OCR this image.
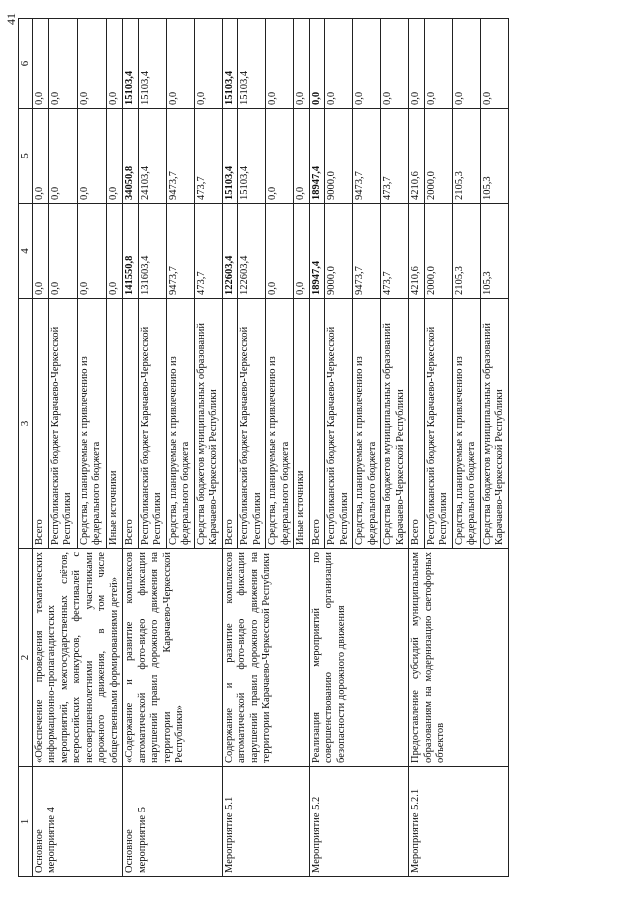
41
1	2	3	4	5	6
Основное мероприятие 4	«Обеспечение проведения тематических информационно-пропагандистских мероприятий, межгосударственных слётов, всероссийских конкурсов, фестивалей с несовершеннолетними участниками дорожного движения, в том числе общественными формированиями детей»	Всего	0,0	0,0	0,0
		Республиканский бюджет Карачаево-Черкесской Республики	0,0	0,0	0,0
		Средства, планируемые к привлечению из федерального бюджета	0,0	0,0	0,0
		Иные источники	0,0	0,0	0,0
Основное мероприятие 5	«Содержание и развитие комплексов автоматической фото-видео фиксации нарушений правил дорожного движения на территории Карачаево-Черкесской Республики»	Всего	141550,8	34050,8	15103,4
		Республиканский бюджет Карачаево-Черкесской Республики	131603,4	24103,4	15103,4
		Средства, планируемые к привлечению из федерального бюджета	9473,7	9473,7	0,0
		Средства бюджетов муниципальных образований Карачаево-Черкесской Республики	473,7	473,7	0,0
Мероприятие 5.1	Содержание и развитие комплексов автоматической фото-видео фиксации нарушений правил дорожного движения на территории Карачаево-Черкесской Республики	Всего	122603,4	15103,4	15103,4
		Республиканский бюджет Карачаево-Черкесской Республики	122603,4	15103,4	15103,4
		Средства, планируемые к привлечению из федерального бюджета	0,0	0,0	0,0
		Иные источники	0,0	0,0	0,0
Мероприятие 5.2	Реализация мероприятий по совершенствованию организации безопасности дорожного движения	Всего	18947,4	18947,4	0,0
		Республиканский бюджет Карачаево-Черкесской Республики	9000,0	9000,0	0,0
		Средства, планируемые к привлечению из федерального бюджета	9473,7	9473,7	0,0
		Средства бюджетов муниципальных образований Карачаево-Черкесской Республики	473,7	473,7	0,0
Мероприятие 5.2.1	Предоставление субсидий муниципальным образованиям на модернизацию светофорных объектов	Всего	4210,6	4210,6	0,0
		Республиканский бюджет Карачаево-Черкесской Республики	2000,0	2000,0	0,0
		Средства, планируемые к привлечению из федерального бюджета	2105,3	2105,3	0,0
		Средства бюджетов муниципальных образований Карачаево-Черкесской Республики	105,3	105,3	0,0
